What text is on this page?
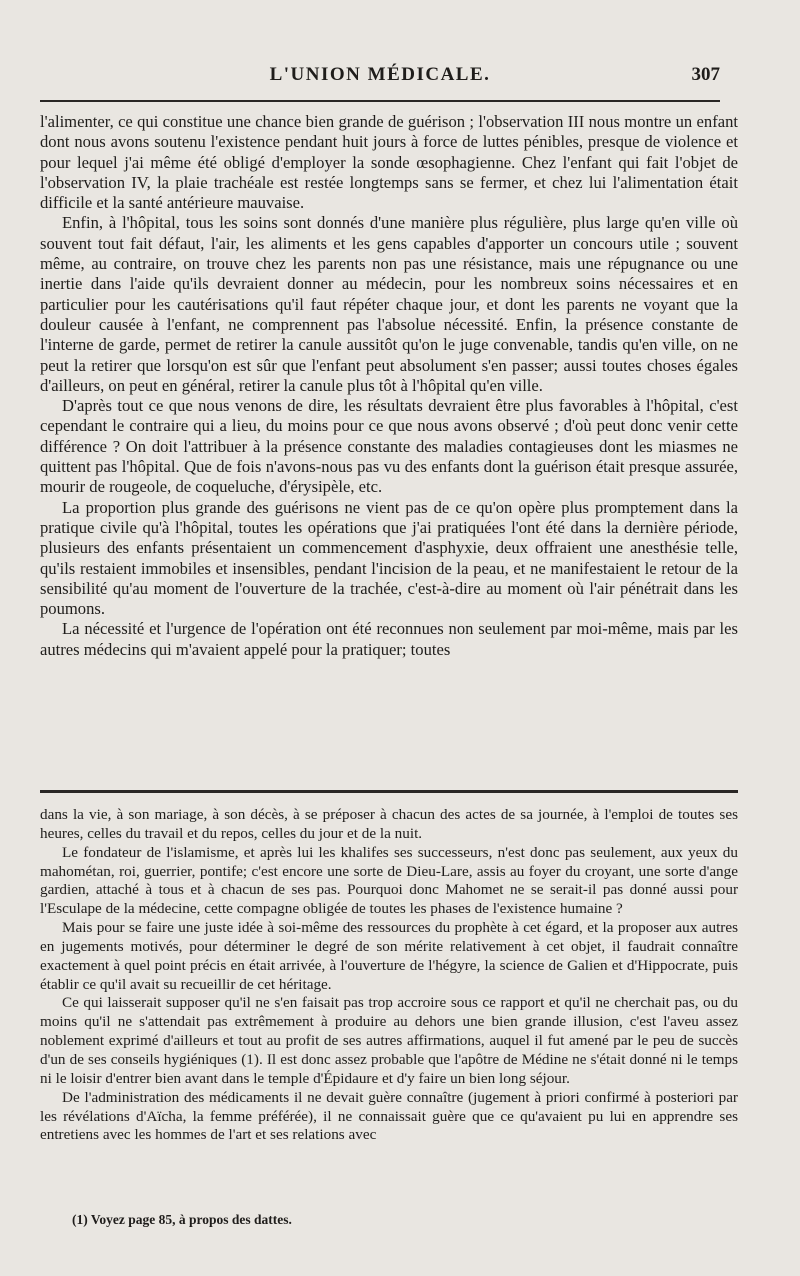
L'UNION MÉDICALE.	307

l'alimenter, ce qui constitue une chance bien grande de guérison ; l'observation III nous montre un enfant dont nous avons soutenu l'existence pendant huit jours à force de luttes pénibles, presque de violence et pour lequel j'ai même été obligé d'employer la sonde œsophagienne. Chez l'enfant qui fait l'objet de l'observation IV, la plaie trachéale est restée longtemps sans se fermer, et chez lui l'alimentation était difficile et la santé antérieure mauvaise.

Enfin, à l'hôpital, tous les soins sont donnés d'une manière plus régulière, plus large qu'en ville où souvent tout fait défaut, l'air, les aliments et les gens capables d'apporter un concours utile ; souvent même, au contraire, on trouve chez les parents non pas une résistance, mais une répugnance ou une inertie dans l'aide qu'ils devraient donner au médecin, pour les nombreux soins nécessaires et en particulier pour les cautérisations qu'il faut répéter chaque jour, et dont les parents ne voyant que la douleur causée à l'enfant, ne comprennent pas l'absolue nécessité. Enfin, la présence constante de l'interne de garde, permet de retirer la canule aussitôt qu'on le juge convenable, tandis qu'en ville, on ne peut la retirer que lorsqu'on est sûr que l'enfant peut absolument s'en passer; aussi toutes choses égales d'ailleurs, on peut en général, retirer la canule plus tôt à l'hôpital qu'en ville.

D'après tout ce que nous venons de dire, les résultats devraient être plus favorables à l'hôpital, c'est cependant le contraire qui a lieu, du moins pour ce que nous avons observé ; d'où peut donc venir cette différence ? On doit l'attribuer à la présence constante des maladies contagieuses dont les miasmes ne quittent pas l'hôpital. Que de fois n'avons-nous pas vu des enfants dont la guérison était presque assurée, mourir de rougeole, de coqueluche, d'érysipèle, etc.

La proportion plus grande des guérisons ne vient pas de ce qu'on opère plus promptement dans la pratique civile qu'à l'hôpital, toutes les opérations que j'ai pratiquées l'ont été dans la dernière période, plusieurs des enfants présentaient un commencement d'asphyxie, deux offraient une anesthésie telle, qu'ils restaient immobiles et insensibles, pendant l'incision de la peau, et ne manifestaient le retour de la sensibilité qu'au moment de l'ouverture de la trachée, c'est-à-dire au moment où l'air pénétrait dans les poumons.

La nécessité et l'urgence de l'opération ont été reconnues non seulement par moi-même, mais par les autres médecins qui m'avaient appelé pour la pratiquer; toutes

dans la vie, à son mariage, à son décès, à se préposer à chacun des actes de sa journée, à l'emploi de toutes ses heures, celles du travail et du repos, celles du jour et de la nuit.

Le fondateur de l'islamisme, et après lui les khalifes ses successeurs, n'est donc pas seulement, aux yeux du mahométan, roi, guerrier, pontife; c'est encore une sorte de Dieu-Lare, assis au foyer du croyant, une sorte d'ange gardien, attaché à tous et à chacun de ses pas. Pourquoi donc Mahomet ne se serait-il pas donné aussi pour l'Esculape de la médecine, cette compagne obligée de toutes les phases de l'existence humaine ?

Mais pour se faire une juste idée à soi-même des ressources du prophète à cet égard, et la proposer aux autres en jugements motivés, pour déterminer le degré de son mérite relativement à cet objet, il faudrait connaître exactement à quel point précis en était arrivée, à l'ouverture de l'hégyre, la science de Galien et d'Hippocrate, puis établir ce qu'il avait su recueillir de cet héritage.

Ce qui laisserait supposer qu'il ne s'en faisait pas trop accroire sous ce rapport et qu'il ne cherchait pas, ou du moins qu'il ne s'attendait pas extrêmement à produire au dehors une bien grande illusion, c'est l'aveu assez noblement exprimé d'ailleurs et tout au profit de ses autres affirmations, auquel il fut amené par le peu de succès d'un de ses conseils hygiéniques (1). Il est donc assez probable que l'apôtre de Médine ne s'était donné ni le temps ni le loisir d'entrer bien avant dans le temple d'Épidaure et d'y faire un bien long séjour.

De l'administration des médicaments il ne devait guère connaître (jugement à priori confirmé à posteriori par les révélations d'Aïcha, la femme préférée), il ne connaissait guère que ce qu'avaient pu lui en apprendre ses entretiens avec les hommes de l'art et ses relations avec

(1) Voyez page 85, à propos des dattes.
